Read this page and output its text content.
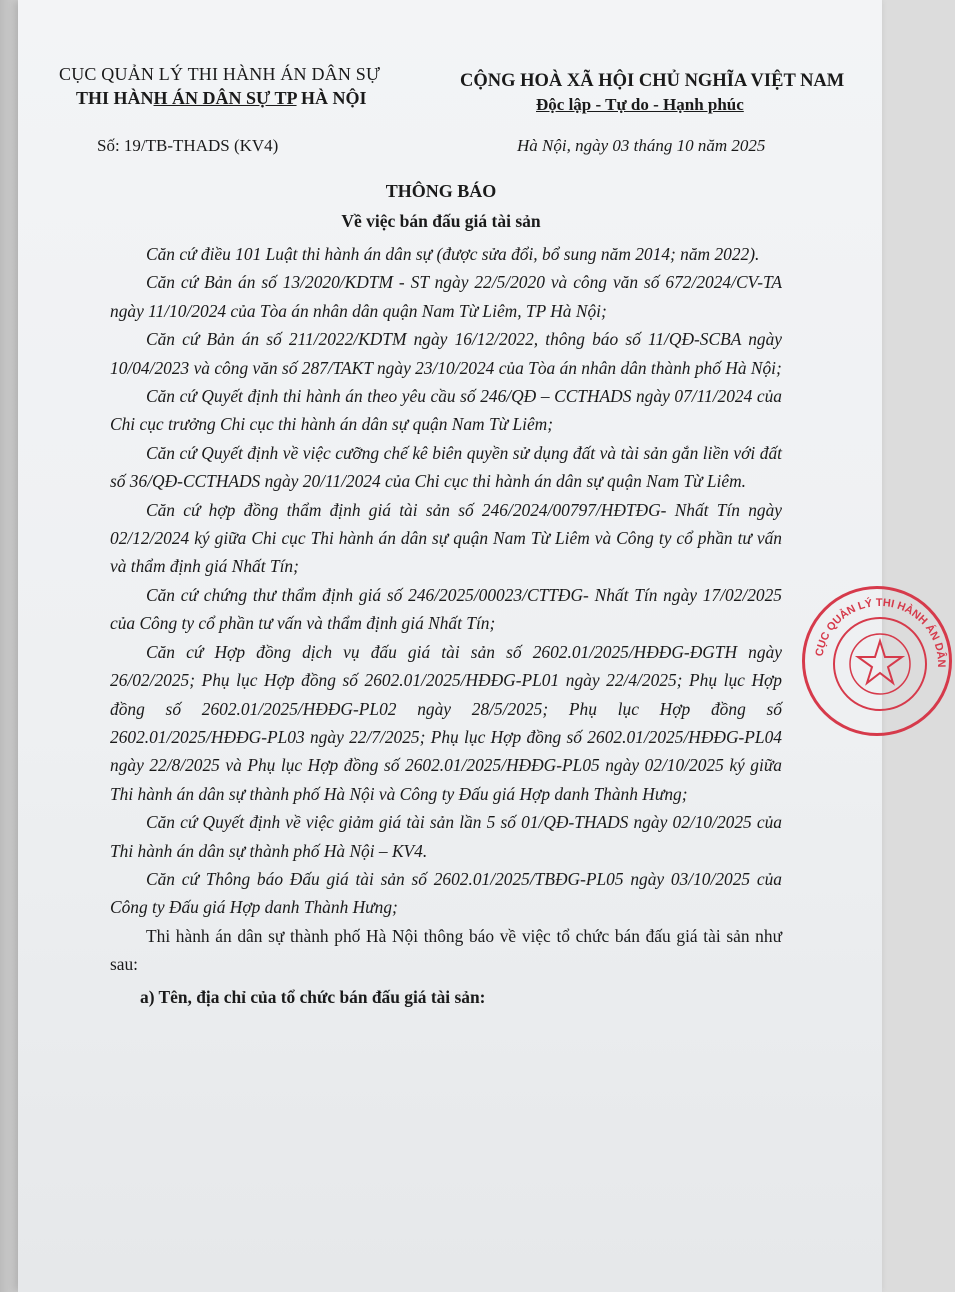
CỤC QUẢN LÝ THI HÀNH ÁN DÂN SỰ
THI HÀNH ÁN DÂN SỰ TP HÀ NỘI
CỘNG HOÀ XÃ HỘI CHỦ NGHĨA VIỆT NAM
Độc lập - Tự do - Hạnh phúc
Số: 19/TB-THADS (KV4)	Hà Nội, ngày 03 tháng 10 năm 2025
THÔNG BÁO
Về việc bán đấu giá tài sản

Căn cứ điều 101 Luật thi hành án dân sự (được sửa đổi, bổ sung năm 2014; năm 2022).

Căn cứ Bản án số 13/2020/KDTM - ST ngày 22/5/2020 và công văn số 672/2024/CV-TA ngày 11/10/2024 của Tòa án nhân dân quận Nam Từ Liêm, TP Hà Nội;

Căn cứ Bản án số 211/2022/KDTM ngày 16/12/2022, thông báo số 11/QĐ-SCBA ngày 10/04/2023 và công văn số 287/TAKT ngày 23/10/2024 của Tòa án nhân dân thành phố Hà Nội;

Căn cứ Quyết định thi hành án theo yêu cầu số 246/QĐ – CCTHADS ngày 07/11/2024 của Chi cục trưởng Chi cục thi hành án dân sự quận Nam Từ Liêm;

Căn cứ Quyết định về việc cưỡng chế kê biên quyền sử dụng đất và tài sản gắn liền với đất số 36/QĐ-CCTHADS ngày 20/11/2024 của Chi cục thi hành án dân sự quận Nam Từ Liêm.

Căn cứ hợp đồng thẩm định giá tài sản số 246/2024/00797/HĐTĐG- Nhất Tín ngày 02/12/2024 ký giữa Chi cục Thi hành án dân sự quận Nam Từ Liêm và Công ty cổ phần tư vấn và thẩm định giá Nhất Tín;

Căn cứ chứng thư thẩm định giá số 246/2025/00023/CTTĐG- Nhất Tín ngày 17/02/2025 của Công ty cổ phần tư vấn và thẩm định giá Nhất Tín;

Căn cứ Hợp đồng dịch vụ đấu giá tài sản số 2602.01/2025/HĐĐG-ĐGTH ngày 26/02/2025; Phụ lục Hợp đồng số 2602.01/2025/HĐĐG-PL01 ngày 22/4/2025; Phụ lục Hợp đồng số 2602.01/2025/HĐĐG-PL02 ngày 28/5/2025; Phụ lục Hợp đồng số 2602.01/2025/HĐĐG-PL03 ngày 22/7/2025; Phụ lục Hợp đồng số 2602.01/2025/HĐĐG-PL04 ngày 22/8/2025 và Phụ lục Hợp đồng số 2602.01/2025/HĐĐG-PL05 ngày 02/10/2025 ký giữa Thi hành án dân sự thành phố Hà Nội và Công ty Đấu giá Hợp danh Thành Hưng;

Căn cứ Quyết định về việc giảm giá tài sản lần 5 số 01/QĐ-THADS ngày 02/10/2025 của Thi hành án dân sự thành phố Hà Nội – KV4.

Căn cứ Thông báo Đấu giá tài sản số 2602.01/2025/TBĐG-PL05 ngày 03/10/2025 của Công ty Đấu giá Hợp danh Thành Hưng;

Thi hành án dân sự thành phố Hà Nội thông báo về việc tổ chức bán đấu giá tài sản như sau:

a) Tên, địa chỉ của tổ chức bán đấu giá tài sản:

CỤC QUẢN LÝ THI HÀNH ÁN DÂN
